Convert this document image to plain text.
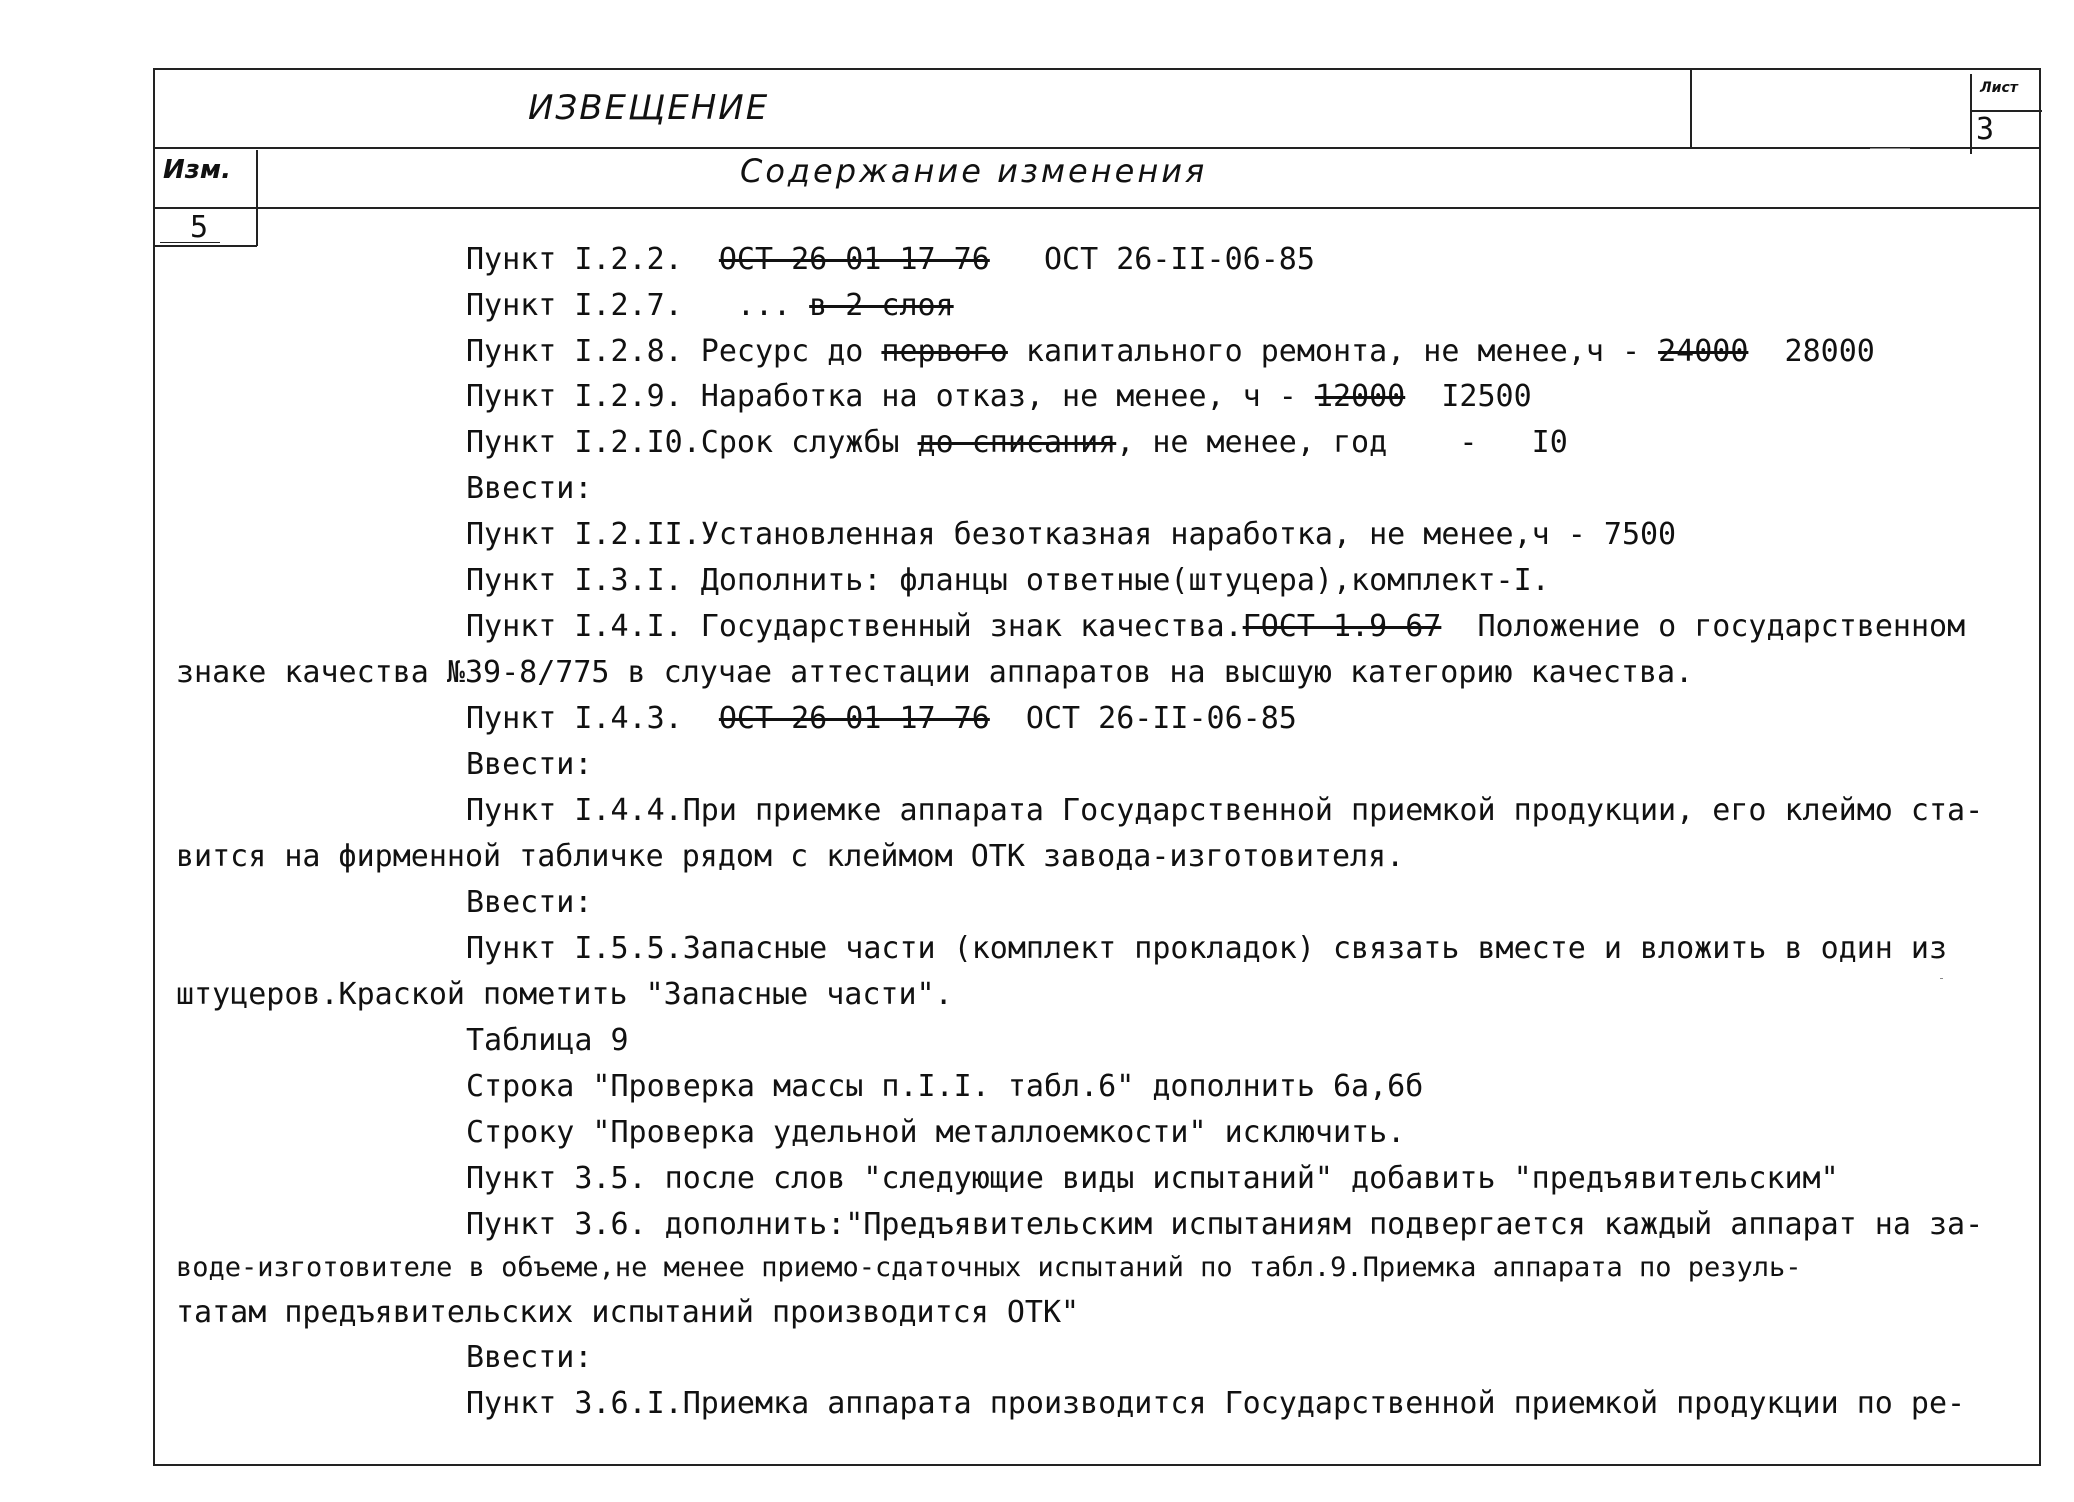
ИЗВЕЩЕНИЕ	Лист
3
Изм.	Содержание изменения
5
Пункт I.2.2.  ОСТ-26-01-17-76   ОСТ 26-II-06-85
Пункт I.2.7.   ... в 2 слоя
Пункт I.2.8. Ресурс до первого капитального ремонта, не менее,ч - 24000  28000
Пункт I.2.9. Наработка на отказ, не менее, ч - 12000  I2500
Пункт I.2.I0.Срок службы до списания, не менее, год    -   I0
Ввести:
Пункт I.2.II.Установленная безотказная наработка, не менее,ч - 7500
Пункт I.3.I. Дополнить: фланцы ответные(штуцера),комплект-I.
Пункт I.4.I. Государственный знак качества.ГОСТ 1.9-67  Положение о государственном
знаке качества №39-8/775 в случае аттестации аппаратов на высшую категорию качества.
Пункт I.4.3.  ОСТ-26-01-17-76  ОСТ 26-II-06-85
Ввести:
Пункт I.4.4.При приемке аппарата Государственной приемкой продукции, его клеймо ста-
вится на фирменной табличке рядом с клеймом ОТК завода-изготовителя.
Ввести:
Пункт I.5.5.Запасные части (комплект прокладок) связать вместе и вложить в один из
штуцеров.Краской пометить "Запасные части".
Таблица 9
Строка "Проверка массы п.I.I. табл.6" дополнить 6а,6б
Строку "Проверка удельной металлоемкости" исключить.
Пункт 3.5. после слов "следующие виды испытаний" добавить "предъявительским"
Пункт 3.6. дополнить:"Предъявительским испытаниям подвергается каждый аппарат на за-
воде-изготовителе в объеме,не менее приемо-сдаточных испытаний по табл.9.Приемка аппарата по резуль-
татам предъявительских испытаний производится ОТК"
Ввести:
Пункт 3.6.I.Приемка аппарата производится Государственной приемкой продукции по ре-
